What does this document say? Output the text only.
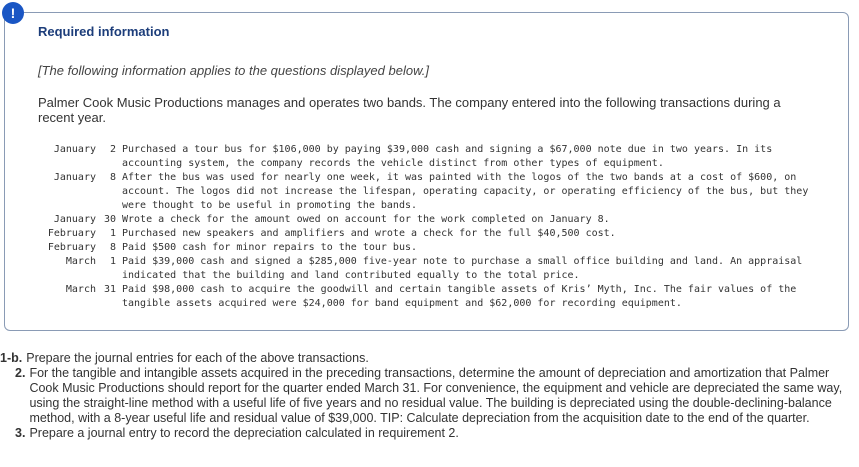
!
Required information
[The following information applies to the questions displayed below.]
Palmer Cook Music Productions manages and operates two bands. The company entered into the following transactions during a recent year.
January	2 Purchased a tour bus for $106,000 by paying $39,000 cash and signing a $67,000 note due in two years. In its accounting system, the company records the vehicle distinct from other types of equipment.
January	8 After the bus was used for nearly one week, it was painted with the logos of the two bands at a cost of $600, on account. The logos did not increase the lifespan, operating capacity, or operating efficiency of the bus, but they were thought to be useful in promoting the bands.
January 30 Wrote a check for the amount owed on account for the work completed on January 8.
February	1 Purchased new speakers and amplifiers and wrote a check for the full $40,500 cost.
February	8 Paid $500 cash for minor repairs to the tour bus.
March	1 Paid $39,000 cash and signed a $285,000 five-year note to purchase a small office building and land. An appraisal indicated that the building and land contributed equally to the total price.
March 31 Paid $98,000 cash to acquire the goodwill and certain tangible assets of Kris’ Myth, Inc. The fair values of the tangible assets acquired were $24,000 for band equipment and $62,000 for recording equipment.
1-b. Prepare the journal entries for each of the above transactions.
2. For the tangible and intangible assets acquired in the preceding transactions, determine the amount of depreciation and amortization that Palmer Cook Music Productions should report for the quarter ended March 31. For convenience, the equipment and vehicle are depreciated the same way, using the straight-line method with a useful life of five years and no residual value. The building is depreciated using the double-declining-balance method, with a 8-year useful life and residual value of $39,000. TIP: Calculate depreciation from the acquisition date to the end of the quarter.
3. Prepare a journal entry to record the depreciation calculated in requirement 2.
